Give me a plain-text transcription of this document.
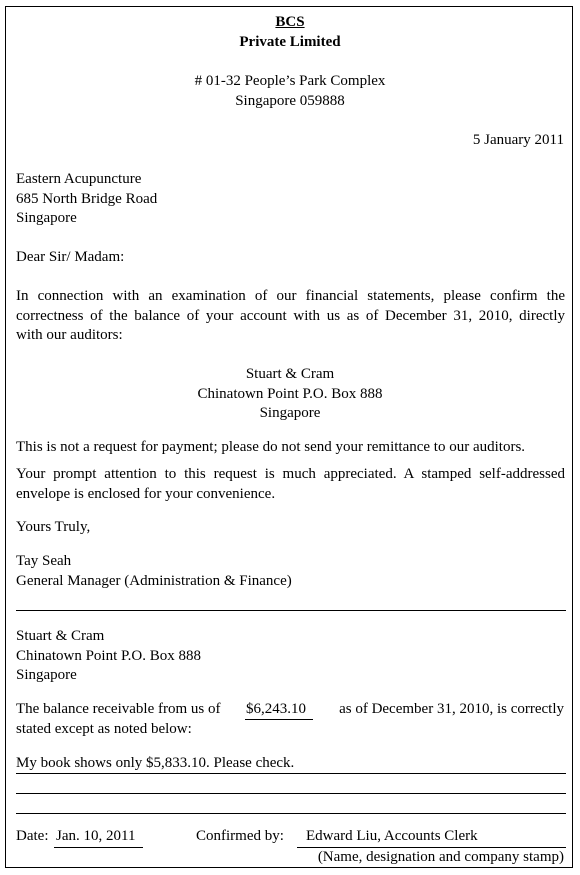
BCS
Private Limited
# 01-32 People’s Park Complex
Singapore 059888
5 January 2011
Eastern Acupuncture
685 North Bridge Road
Singapore
Dear Sir/ Madam:
In connection with an examination of our financial statements, please confirm the
correctness of the balance of your account with us as of December 31, 2010, directly
with our auditors:
Stuart & Cram
Chinatown Point P.O. Box 888
Singapore
This is not a request for payment; please do not send your remittance to our auditors.
Your prompt attention to this request is much appreciated. A stamped self-addressed
envelope is enclosed for your convenience.
Yours Truly,
Tay Seah
General Manager (Administration & Finance)
Stuart & Cram
Chinatown Point P.O. Box 888
Singapore
The balance receivable from us of $6,243.10 as of December 31, 2010, is correctly
stated except as noted below:
My book shows only $5,833.10. Please check.
Date: Jan. 10, 2011	Confirmed by: Edward Liu, Accounts Clerk
(Name, designation and company stamp)
